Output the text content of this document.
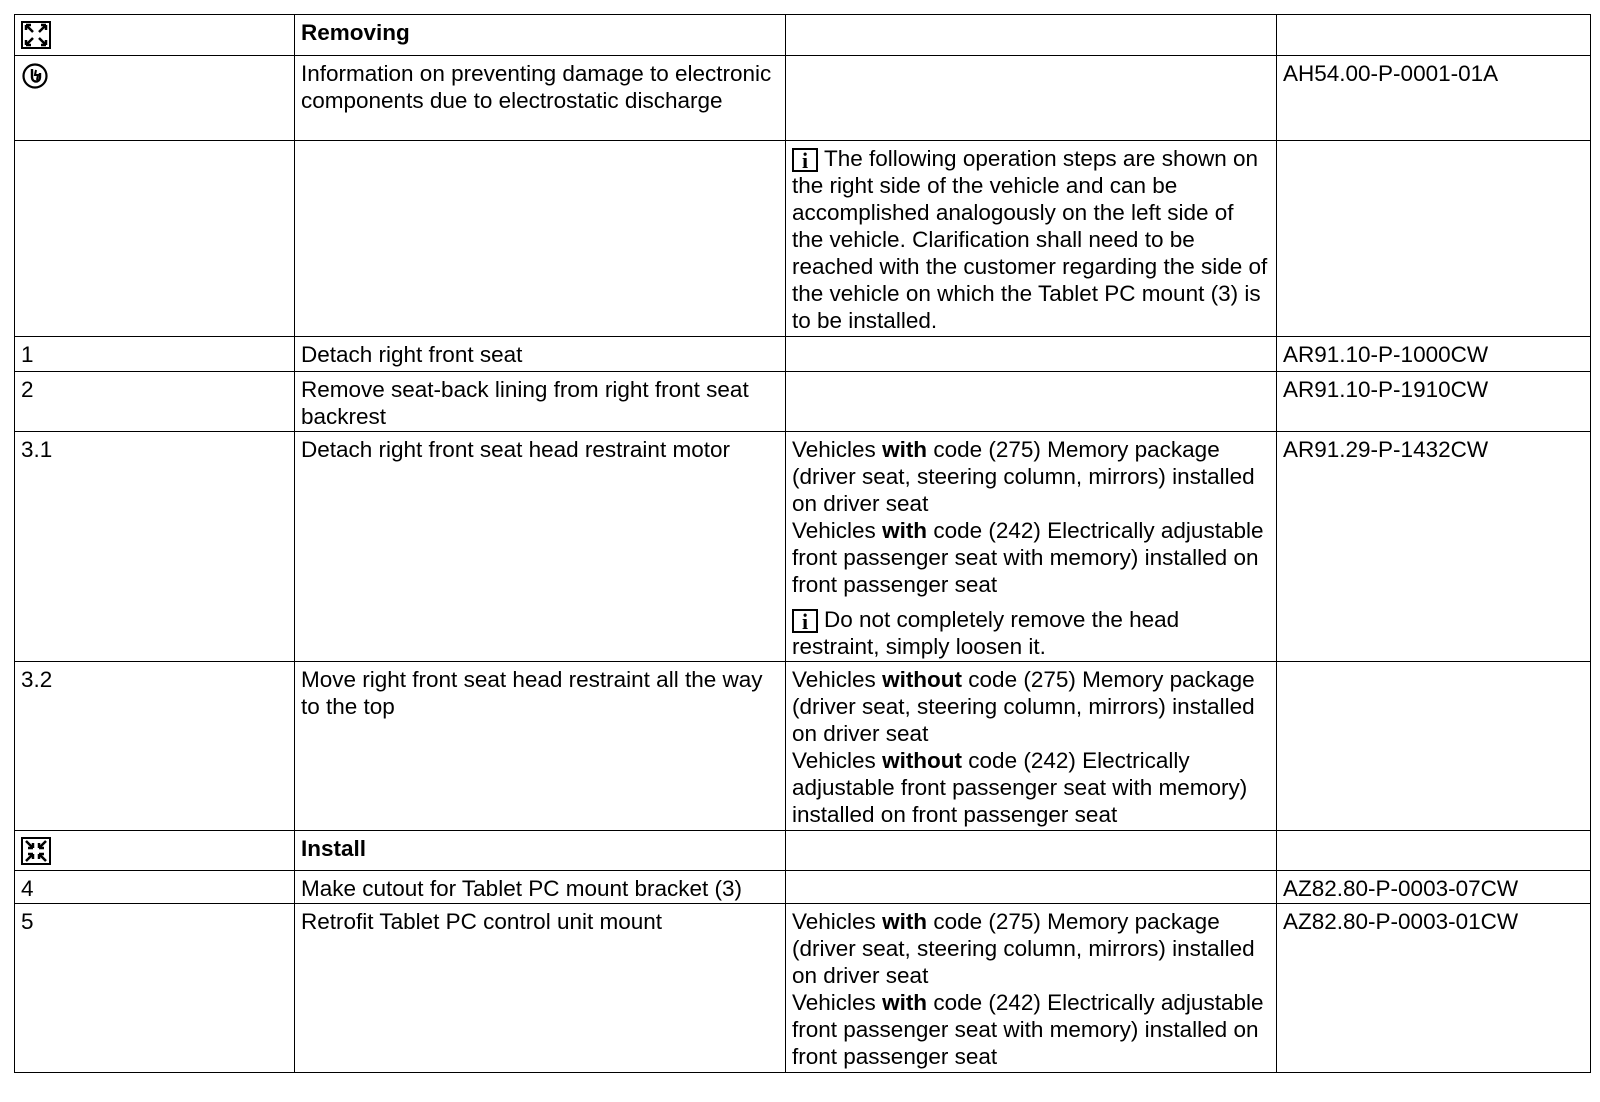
	Removing		

	Information on preventing damage to electronic components due to electrostatic discharge		AH54.00-P-0001-01A
		i The following operation steps are shown on the right side of the vehicle and can be accomplished analogously on the left side of the vehicle. Clarification shall need to be reached with the customer regarding the side of the vehicle on which the Tablet PC mount (3) is to be installed.	
1	Detach right front seat		AR91.10-P-1000CW
2	Remove seat-back lining from right front seat backrest		AR91.10-P-1910CW
3.1	Detach right front seat head restraint motor	Vehicles with code (275) Memory package (driver seat, steering column, mirrors) installed on driver seat
Vehicles with code (242) Electrically adjustable front passenger seat with memory) installed on front passenger seat
i Do not completely remove the head restraint, simply loosen it.	AR91.29-P-1432CW
3.2	Move right front seat head restraint all the way to the top	Vehicles without code (275) Memory package (driver seat, steering column, mirrors) installed on driver seat
Vehicles without code (242) Electrically adjustable front passenger seat with memory) installed on front passenger seat	

	Install		
4	Make cutout for Tablet PC mount bracket (3)		AZ82.80-P-0003-07CW
5	Retrofit Tablet PC control unit mount	Vehicles with code (275) Memory package (driver seat, steering column, mirrors) installed on driver seat
Vehicles with code (242) Electrically adjustable front passenger seat with memory) installed on front passenger seat	AZ82.80-P-0003-01CW
